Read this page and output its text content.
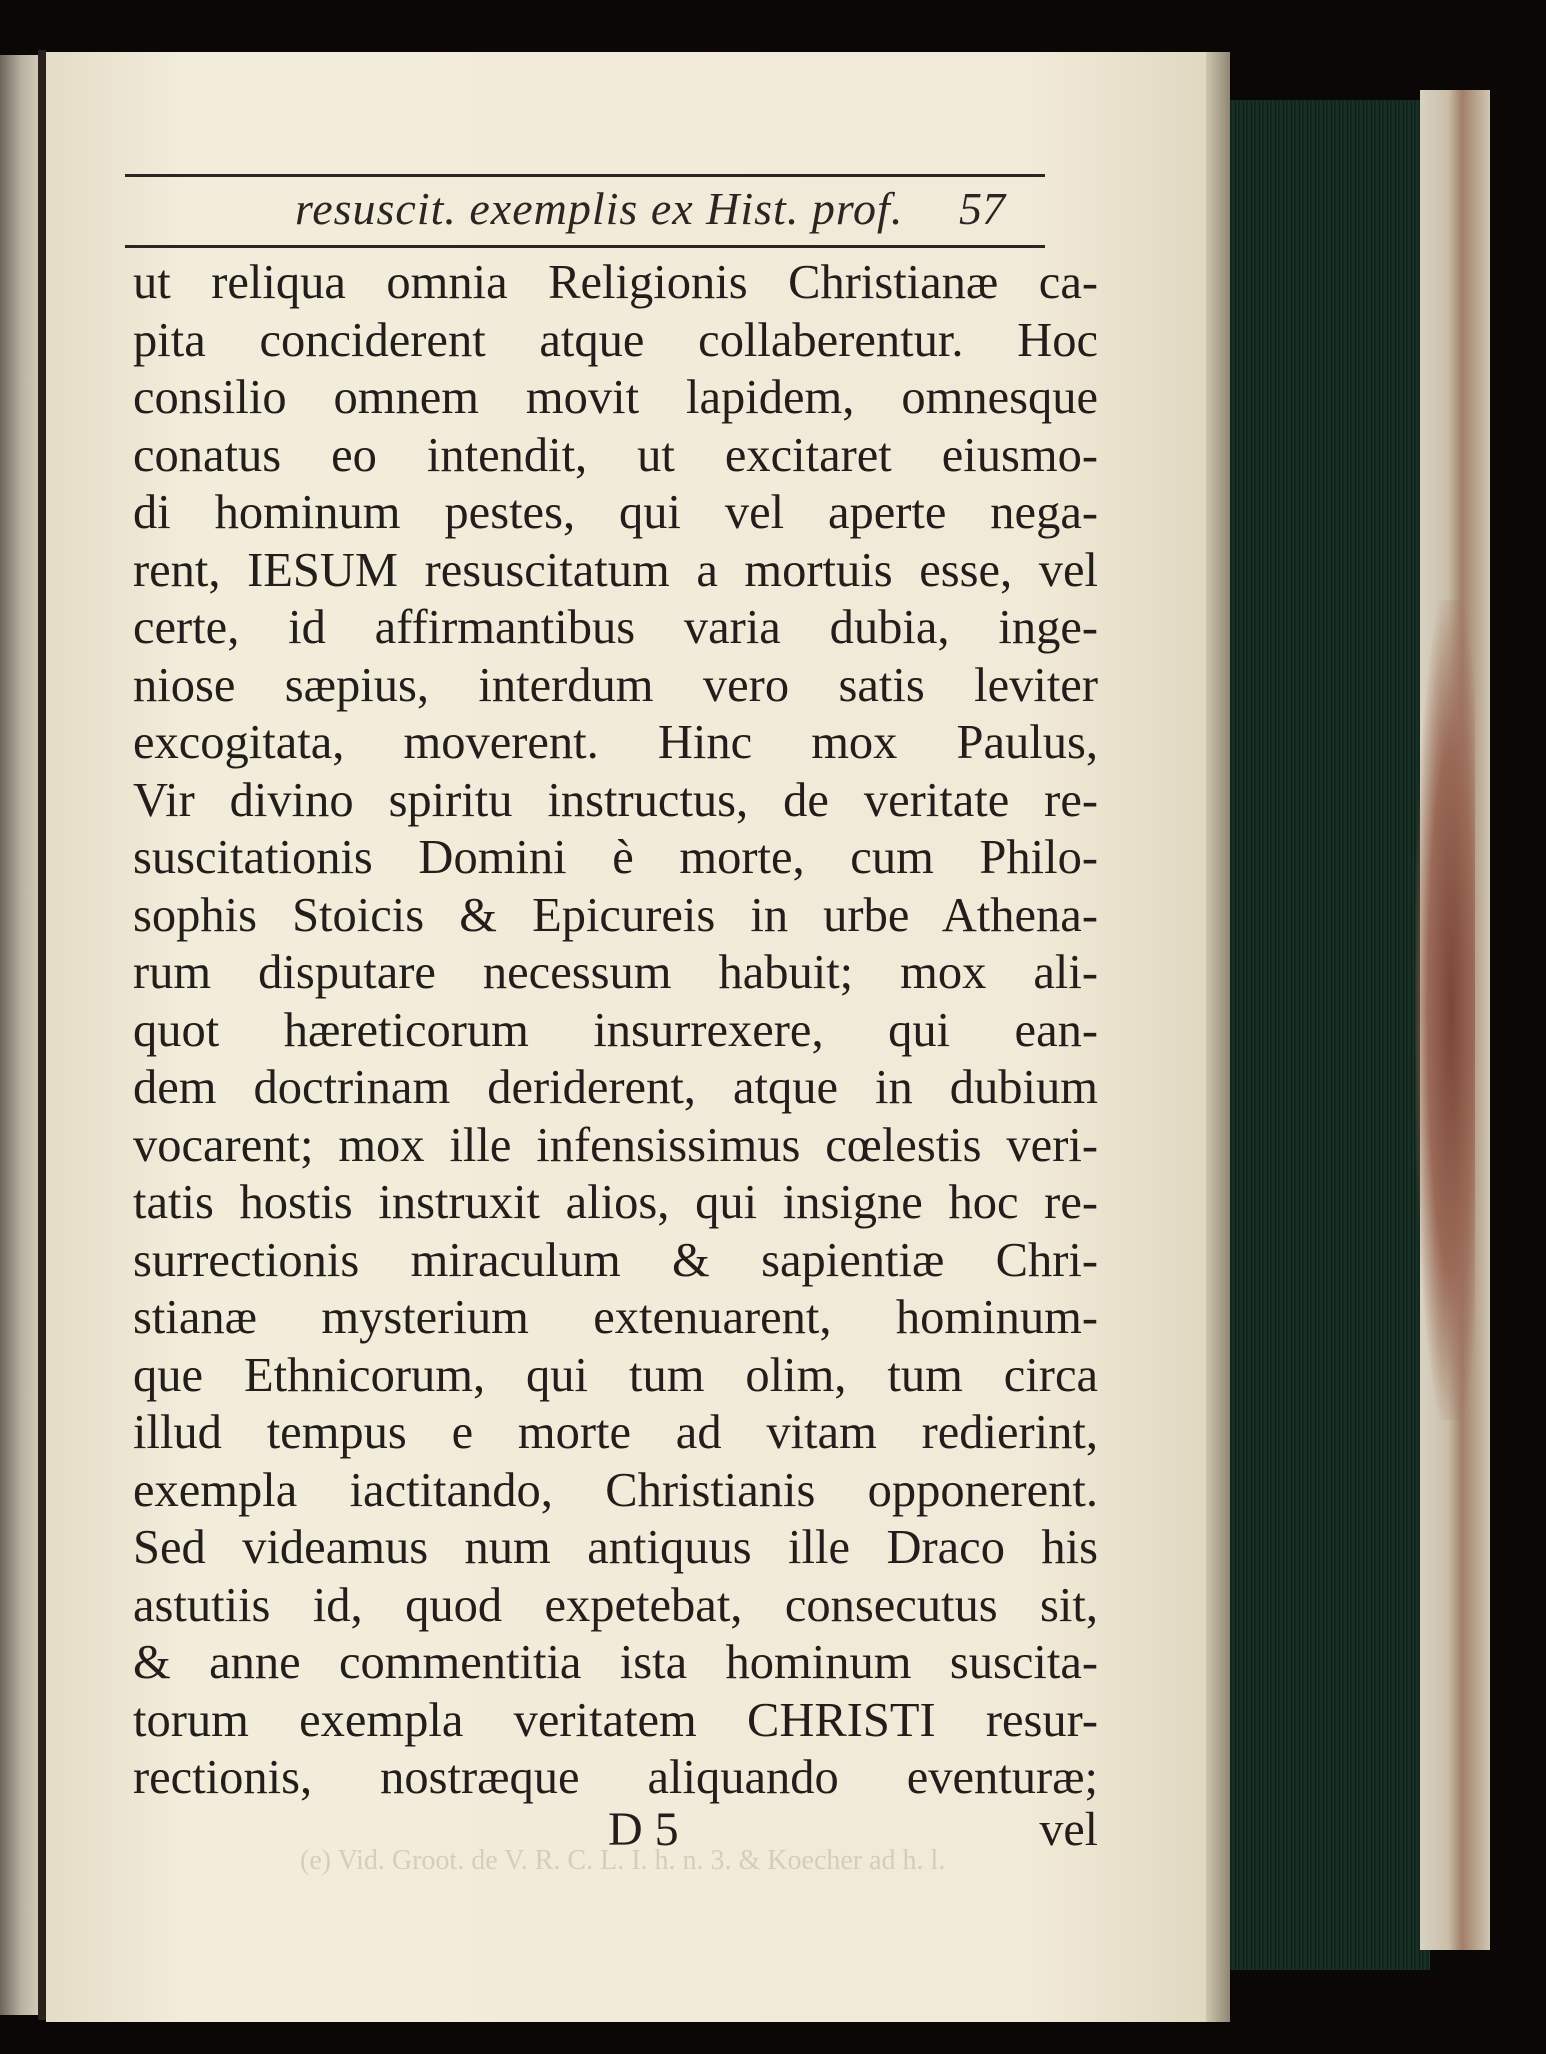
resuscit. exemplis ex Hist. prof. 57
(e) Vid. Groot. de V. R. C. L. I. h. n. 3. & Koecher ad h. l.
ut reliqua omnia Religionis Christianæ ca-
pita conciderent atque collaberentur. Hoc
consilio omnem movit lapidem, omnesque
conatus eo intendit, ut excitaret eiusmo-
di hominum pestes, qui vel aperte nega-
rent, IESUM resuscitatum a mortuis esse, vel
certe, id affirmantibus varia dubia, inge-
niose sæpius, interdum vero satis leviter
excogitata, moverent. Hinc mox Paulus,
Vir divino spiritu instructus, de veritate re-
suscitationis Domini è morte, cum Philo-
sophis Stoicis & Epicureis in urbe Athena-
rum disputare necessum habuit; mox ali-
quot hæreticorum insurrexere, qui ean-
dem doctrinam deriderent, atque in dubium
vocarent; mox ille infensissimus cœlestis veri-
tatis hostis instruxit alios, qui insigne hoc re-
surrectionis miraculum & sapientiæ Chri-
stianæ mysterium extenuarent, hominum-
que Ethnicorum, qui tum olim, tum circa
illud tempus e morte ad vitam redierint,
exempla iactitando, Christianis opponerent.
Sed videamus num antiquus ille Draco his
astutiis id, quod expetebat, consecutus sit,
& anne commentitia ista hominum suscita-
torum exempla veritatem CHRISTI resur-
rectionis, nostræque aliquando eventuræ;
D 5	vel
